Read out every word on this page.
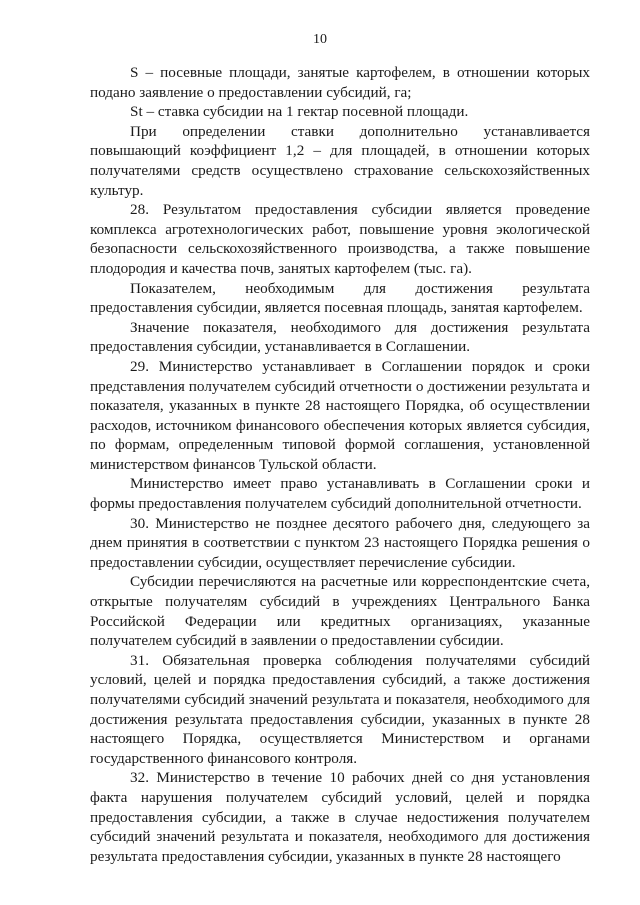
10

S – посевные площади, занятые картофелем, в отношении которых подано заявление о предоставлении субсидий, га;

St – ставка субсидии на 1 гектар посевной площади.

При определении ставки дополнительно устанавливается повышающий коэффициент 1,2 – для площадей, в отношении которых получателями средств осуществлено страхование сельскохозяйственных культур.

28. Результатом предоставления субсидии является проведение комплекса агротехнологических работ, повышение уровня экологической безопасности сельскохозяйственного производства, а также повышение плодородия и качества почв, занятых картофелем (тыс. га).

Показателем, необходимым для достижения результата предоставления субсидии, является посевная площадь, занятая картофелем.

Значение показателя, необходимого для достижения результата предоставления субсидии, устанавливается в Соглашении.

29. Министерство устанавливает в Соглашении порядок и сроки представления получателем субсидий отчетности о достижении результата и показателя, указанных в пункте 28 настоящего Порядка, об осуществлении расходов, источником финансового обеспечения которых является субсидия, по формам, определенным типовой формой соглашения, установленной министерством финансов Тульской области.

Министерство имеет право устанавливать в Соглашении сроки и формы предоставления получателем субсидий дополнительной отчетности.

30. Министерство не позднее десятого рабочего дня, следующего за днем принятия в соответствии с пунктом 23 настоящего Порядка решения о предоставлении субсидии, осуществляет перечисление субсидии.

Субсидии перечисляются на расчетные или корреспондентские счета, открытые получателям субсидий в учреждениях Центрального Банка Российской Федерации или кредитных организациях, указанные получателем субсидий в заявлении о предоставлении субсидии.

31. Обязательная проверка соблюдения получателями субсидий условий, целей и порядка предоставления субсидий, а также достижения получателями субсидий значений результата и показателя, необходимого для достижения результата предоставления субсидии, указанных в пункте 28 настоящего Порядка, осуществляется Министерством и органами государственного финансового контроля.

32. Министерство в течение 10 рабочих дней со дня установления факта нарушения получателем субсидий условий, целей и порядка предоставления субсидии, а также в случае недостижения получателем субсидий значений результата и показателя, необходимого для достижения результата предоставления субсидии, указанных в пункте 28 настоящего
